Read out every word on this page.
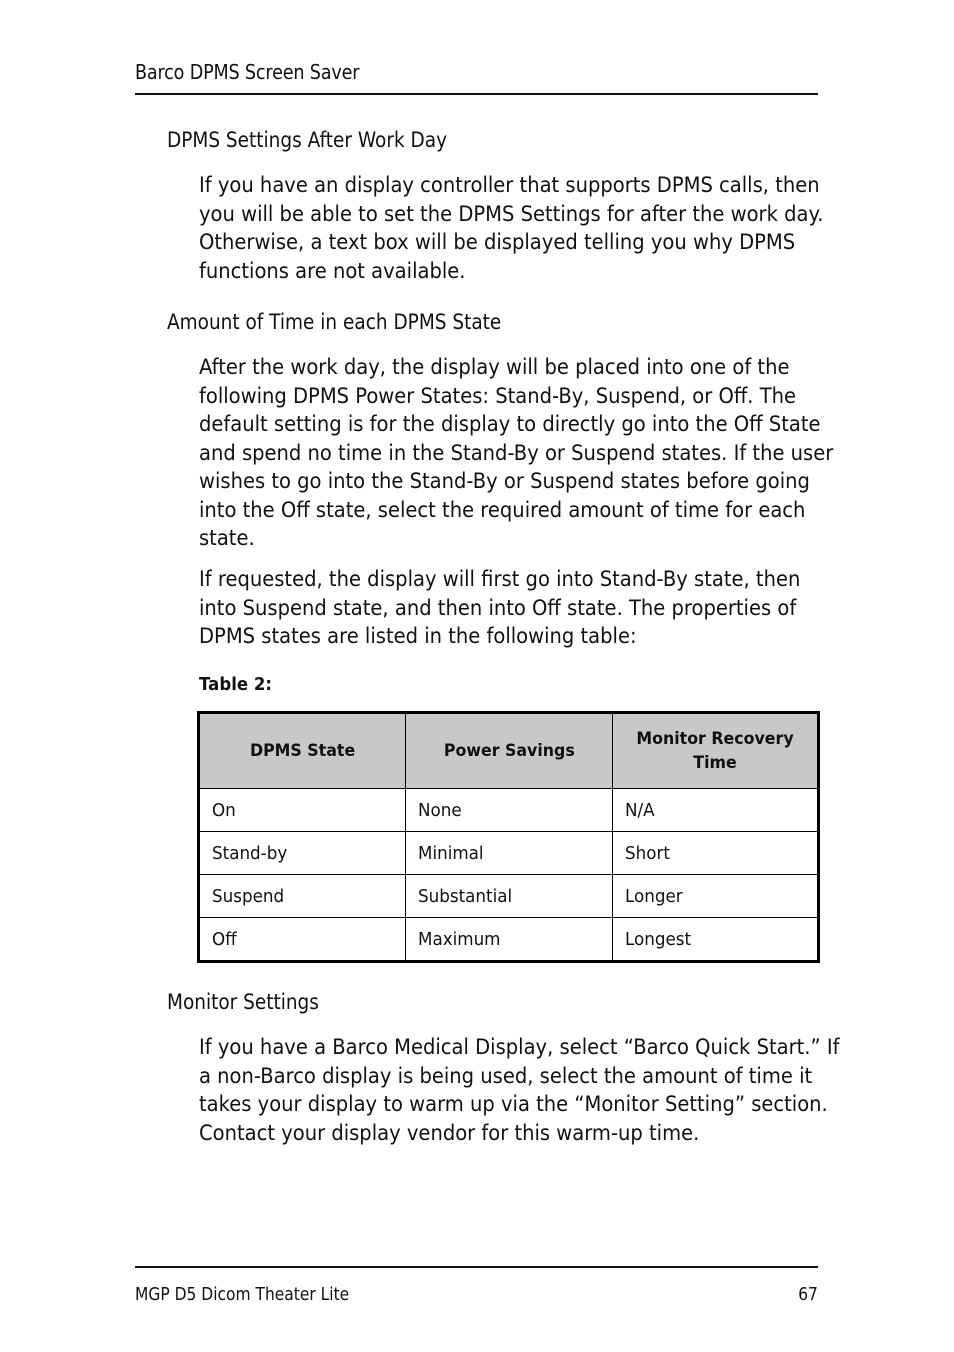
Barco DPMS Screen Saver
DPMS Settings After Work Day
If you have an display controller that supports DPMS calls, then
you will be able to set the DPMS Settings for after the work day.
Otherwise, a text box will be displayed telling you why DPMS
functions are not available.
Amount of Time in each DPMS State
After the work day, the display will be placed into one of the
following DPMS Power States: Stand-By, Suspend, or Off. The
default setting is for the display to directly go into the Off State
and spend no time in the Stand-By or Suspend states. If the user
wishes to go into the Stand-By or Suspend states before going
into the Off state, select the required amount of time for each
state.
If requested, the display will first go into Stand-By state, then
into Suspend state, and then into Off state. The properties of
DPMS states are listed in the following table:
Table 2:
DPMS State	Power Savings	Monitor Recovery Time
On	None	N/A
Stand-by	Minimal	Short
Suspend	Substantial	Longer
Off	Maximum	Longest
Monitor Settings
If you have a Barco Medical Display, select “Barco Quick Start.” If
a non-Barco display is being used, select the amount of time it
takes your display to warm up via the “Monitor Setting” section.
Contact your display vendor for this warm-up time.
MGP D5 Dicom Theater Lite	67
